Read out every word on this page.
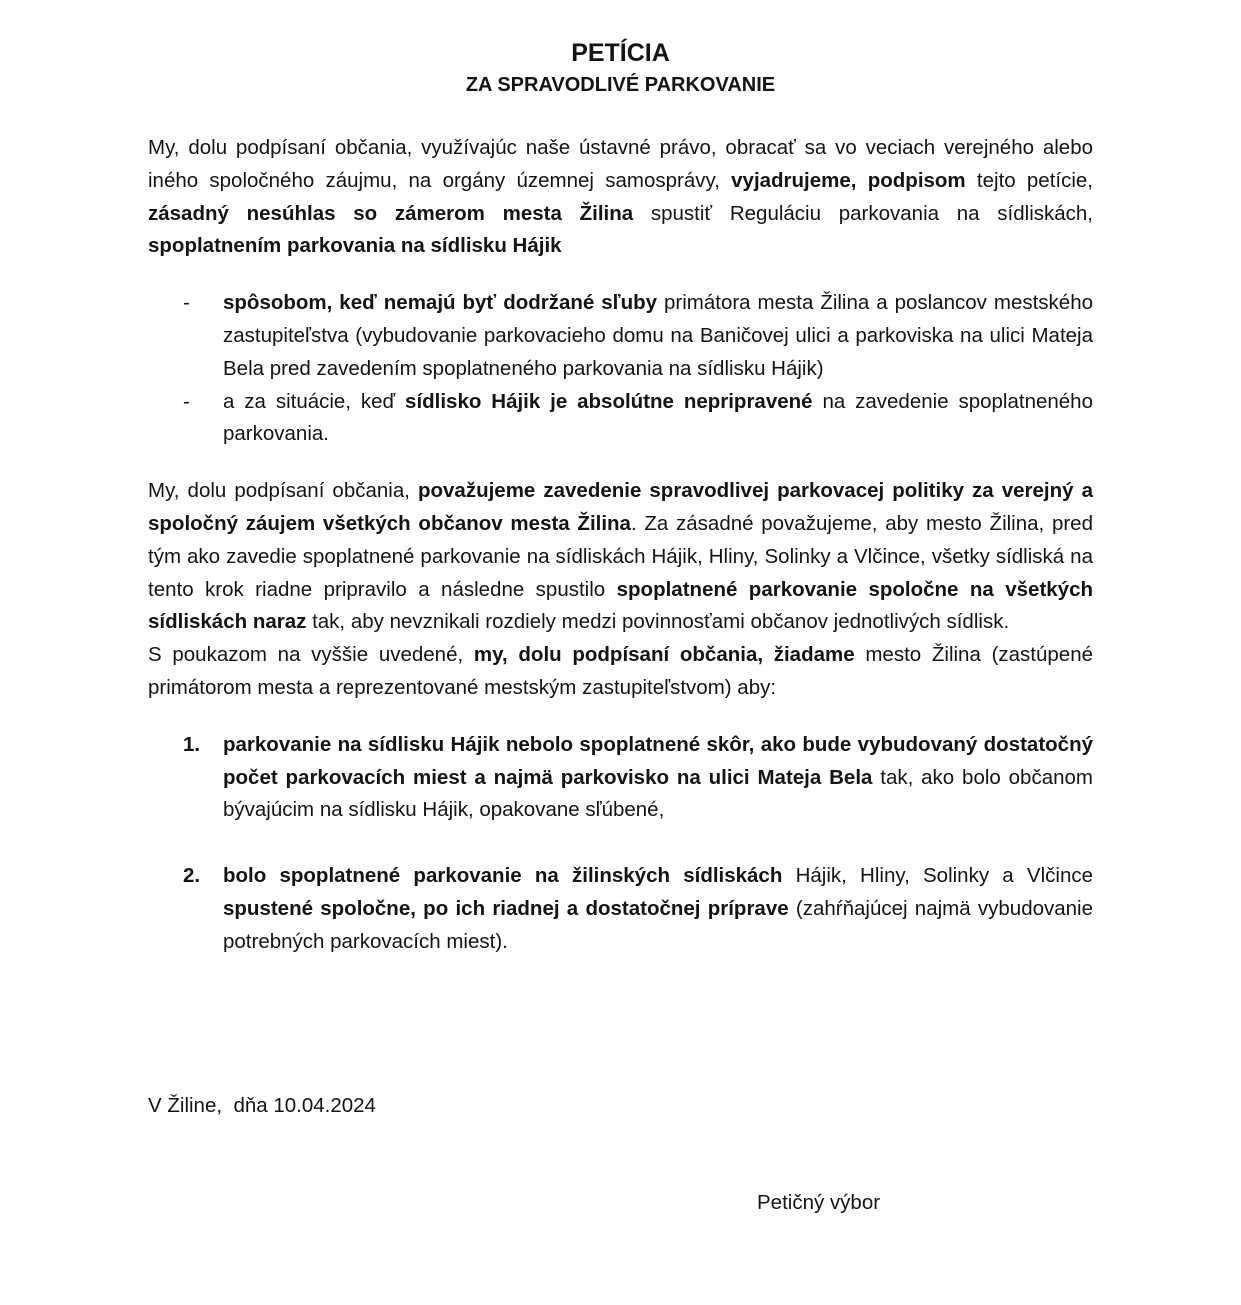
PETÍCIA
ZA SPRAVODLIVÉ PARKOVANIE

My, dolu podpísaní občania, využívajúc naše ústavné právo, obracať sa vo veciach verejného alebo iného spoločného záujmu, na orgány územnej samosprávy, vyjadrujeme, podpisom tejto petície, zásadný nesúhlas so zámerom mesta Žilina spustiť Reguláciu parkovania na sídliskách, spoplatnením parkovania na sídlisku Hájik

- spôsobom, keď nemajú byť dodržané sľuby primátora mesta Žilina a poslancov mestského zastupiteľstva (vybudovanie parkovacieho domu na Baničovej ulici a parkoviska na ulici Mateja Bela pred zavedením spoplatneného parkovania na sídlisku Hájik)
- a za situácie, keď sídlisko Hájik je absolútne nepripravené na zavedenie spoplatneného parkovania.

My, dolu podpísaní občania, považujeme zavedenie spravodlivej parkovacej politiky za verejný a spoločný záujem všetkých občanov mesta Žilina. Za zásadné považujeme, aby mesto Žilina, pred tým ako zavedie spoplatnené parkovanie na sídliskách Hájik, Hliny, Solinky a Vlčince, všetky sídliská na tento krok riadne pripravilo a následne spustilo spoplatnené parkovanie spoločne na všetkých sídliskách naraz tak, aby nevznikali rozdiely medzi povinnosťami občanov jednotlivých sídlisk.

S poukazom na vyššie uvedené, my, dolu podpísaní občania, žiadame mesto Žilina (zastúpené primátorom mesta a reprezentované mestským zastupiteľstvom) aby:

1. parkovanie na sídlisku Hájik nebolo spoplatnené skôr, ako bude vybudovaný dostatočný počet parkovacích miest a najmä parkovisko na ulici Mateja Bela tak, ako bolo občanom bývajúcim na sídlisku Hájik, opakovane sľúbené,
2. bolo spoplatnené parkovanie na žilinských sídliskách Hájik, Hliny, Solinky a Vlčince spustené spoločne, po ich riadnej a dostatočnej príprave (zahŕňajúcej najmä vybudovanie potrebných parkovacích miest).
V Žiline,  dňa 10.04.2024
Petičný výbor
